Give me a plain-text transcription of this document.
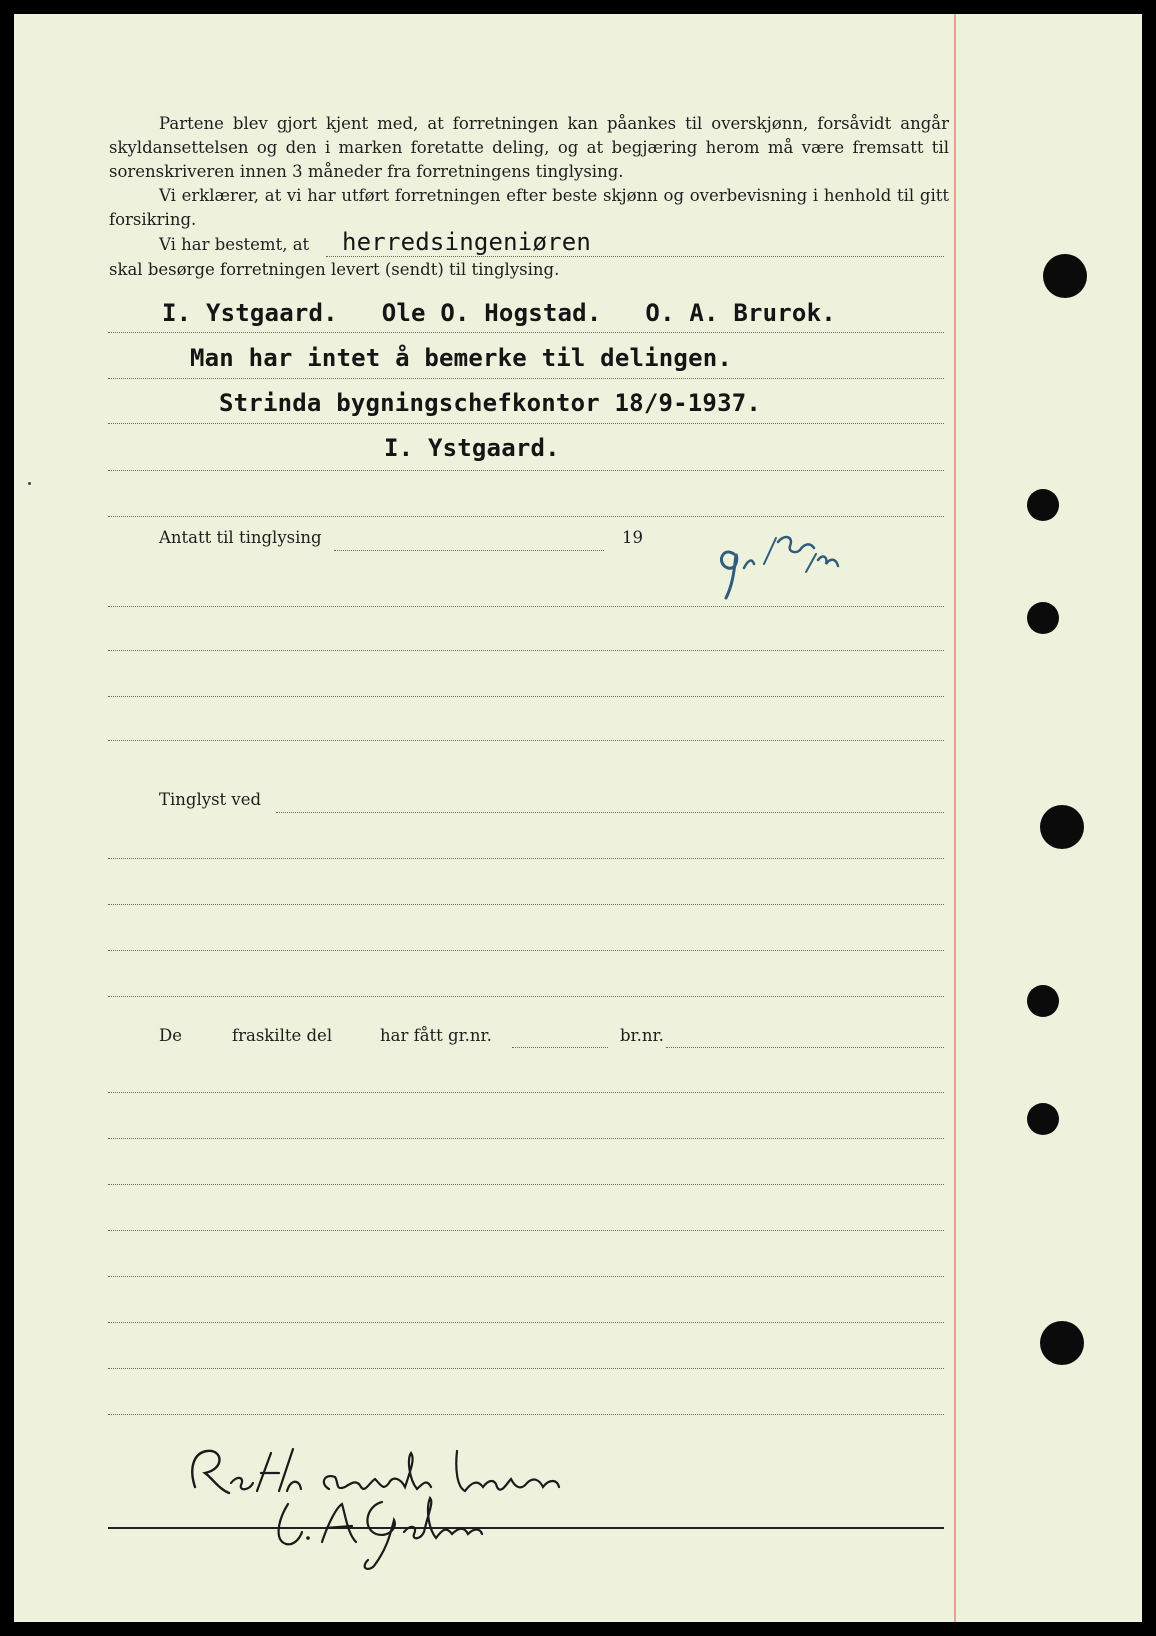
Partene blev gjort kjent med, at forretningen kan påankes til overskjønn, forsåvidt angår skyldansettelsen og den i marken foretatte deling, og at begjæring herom må være fremsatt til sorenskriveren innen 3 måneder fra forretningens tinglysing.

Vi erklærer, at vi har utført forretningen efter beste skjønn og overbevisning i henhold til gitt forsikring.

Vi har bestemt, at herredsingeniøren
skal besørge forretningen levert (sendt) til tinglysing.
I. Ystgaard.   Ole O. Hogstad.   O. A. Brurok.
Man har intet å bemerke til delingen.
Strinda bygningschefkontor 18/9-1937.
I. Ystgaard.
Antatt til tinglysing	19
Gr. 1810/36
Tinglyst ved
De	fraskilte del	har fått gr.nr.	br.nr.
Rett avskrift bevitnes
L. A. Gjølme
